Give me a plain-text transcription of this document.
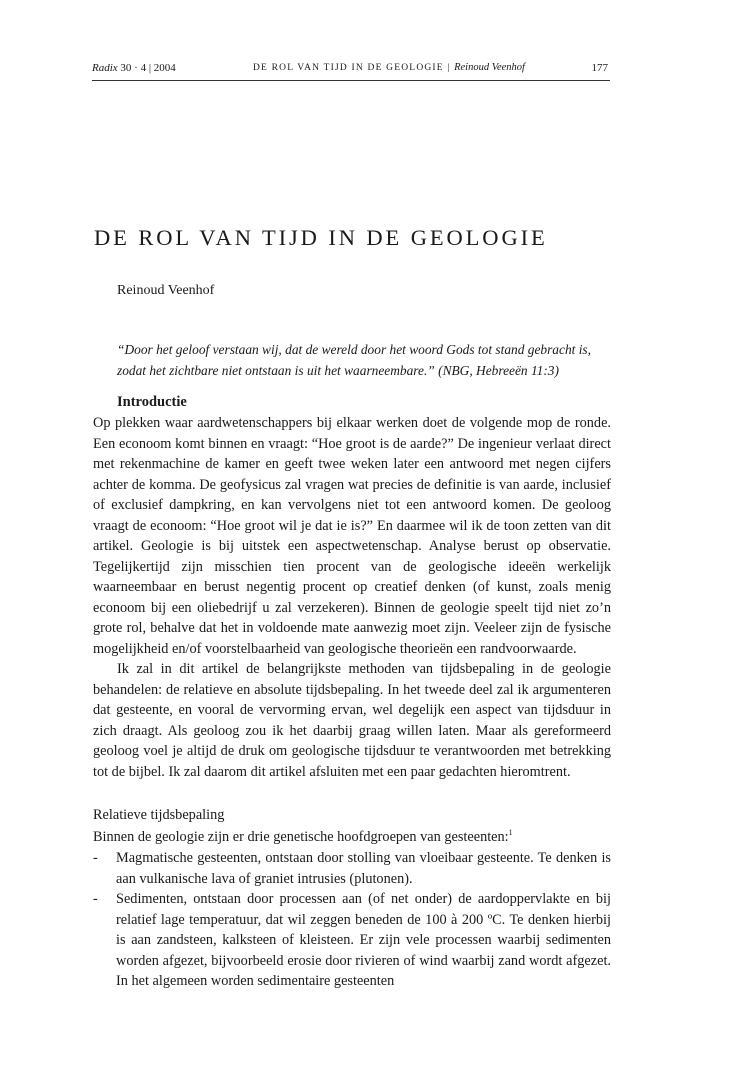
Radix 30 · 4 | 2004	DE ROL VAN TIJD IN DE GEOLOGIE | Reinoud Veenhof	177
DE ROL VAN TIJD IN DE GEOLOGIE
Reinoud Veenhof
“Door het geloof verstaan wij, dat de wereld door het woord Gods tot stand gebracht is, zodat het zichtbare niet ontstaan is uit het waarneembare.” (NBG, Hebreeën 11:3)
Introductie
Op plekken waar aardwetenschappers bij elkaar werken doet de volgende mop de ronde. Een econoom komt binnen en vraagt: “Hoe groot is de aarde?” De ingenieur verlaat direct met rekenmachine de kamer en geeft twee weken later een antwoord met negen cijfers achter de komma. De geofysicus zal vragen wat precies de definitie is van aarde, inclusief of exclusief dampkring, en kan vervolgens niet tot een antwoord komen. De geoloog vraagt de econoom: “Hoe groot wil je dat ie is?” En daarmee wil ik de toon zetten van dit artikel. Geologie is bij uitstek een aspectwetenschap. Analyse berust op observatie. Tegelijkertijd zijn misschien tien procent van de geologische ideeën werkelijk waarneembaar en berust negentig procent op creatief denken (of kunst, zoals menig econoom bij een oliebedrijf u zal verzekeren). Binnen de geologie speelt tijd niet zo’n grote rol, behalve dat het in voldoende mate aanwezig moet zijn. Veeleer zijn de fysische mogelijkheid en/of voorstelbaarheid van geologische theorieën een randvoorwaarde.
Ik zal in dit artikel de belangrijkste methoden van tijdsbepaling in de geologie behandelen: de relatieve en absolute tijdsbepaling. In het tweede deel zal ik argumenteren dat gesteente, en vooral de vervorming ervan, wel degelijk een aspect van tijdsduur in zich draagt. Als geoloog zou ik het daarbij graag willen laten. Maar als gereformeerd geoloog voel je altijd de druk om geologische tijdsduur te verantwoorden met betrekking tot de bijbel. Ik zal daarom dit artikel afsluiten met een paar gedachten hieromtrent.
Relatieve tijdsbepaling
Binnen de geologie zijn er drie genetische hoofdgroepen van gesteenten:$^1$
- Magmatische gesteenten, ontstaan door stolling van vloeibaar gesteente. Te denken is aan vulkanische lava of graniet intrusies (plutonen).
- Sedimenten, ontstaan door processen aan (of net onder) de aardoppervlakte en bij relatief lage temperatuur, dat wil zeggen beneden de 100 à 200 ºC. Te denken hierbij is aan zandsteen, kalksteen of kleisteen. Er zijn vele processen waarbij sedimenten worden afgezet, bijvoorbeeld erosie door rivieren of wind waarbij zand wordt afgezet. In het algemeen worden sedimentaire gesteenten
